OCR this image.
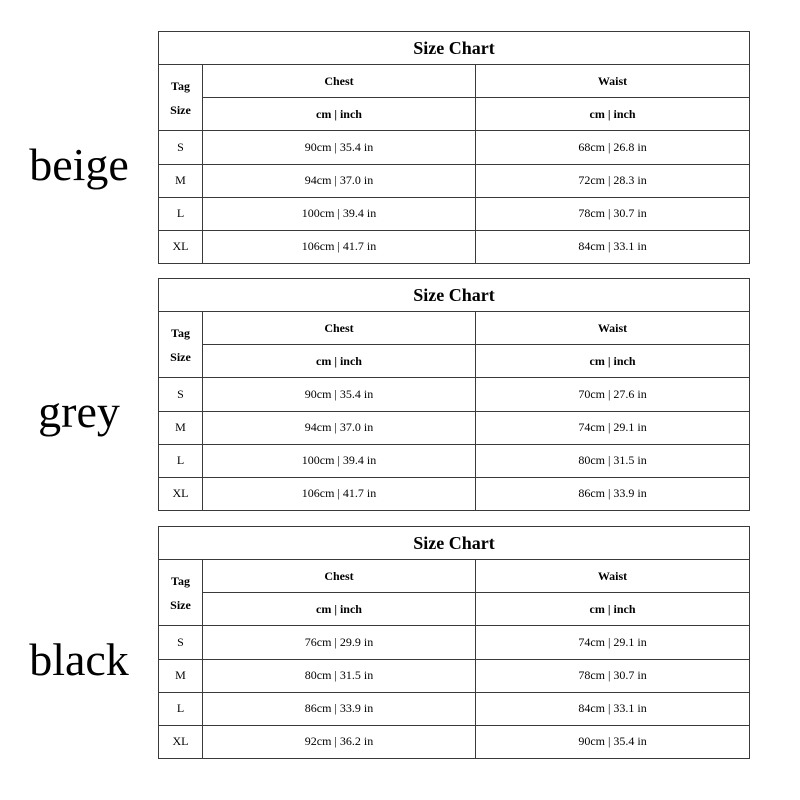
beige
Size Chart		

Tag
Size	Chest	Waist
	cm | inch	cm | inch
S	90cm | 35.4 in	68cm | 26.8 in
M	94cm | 37.0 in	72cm | 28.3 in
L	100cm | 39.4 in	78cm | 30.7 in
XL	106cm | 41.7 in	84cm | 33.1 in
grey
Size Chart		

Tag
Size	Chest	Waist
	cm | inch	cm | inch
S	90cm | 35.4 in	70cm | 27.6 in
M	94cm | 37.0 in	74cm | 29.1 in
L	100cm | 39.4 in	80cm | 31.5 in
XL	106cm | 41.7 in	86cm | 33.9 in
black
Size Chart		

Tag
Size	Chest	Waist
	cm | inch	cm | inch
S	76cm | 29.9 in	74cm | 29.1 in
M	80cm | 31.5 in	78cm | 30.7 in
L	86cm | 33.9 in	84cm | 33.1 in
XL	92cm | 36.2 in	90cm | 35.4 in
